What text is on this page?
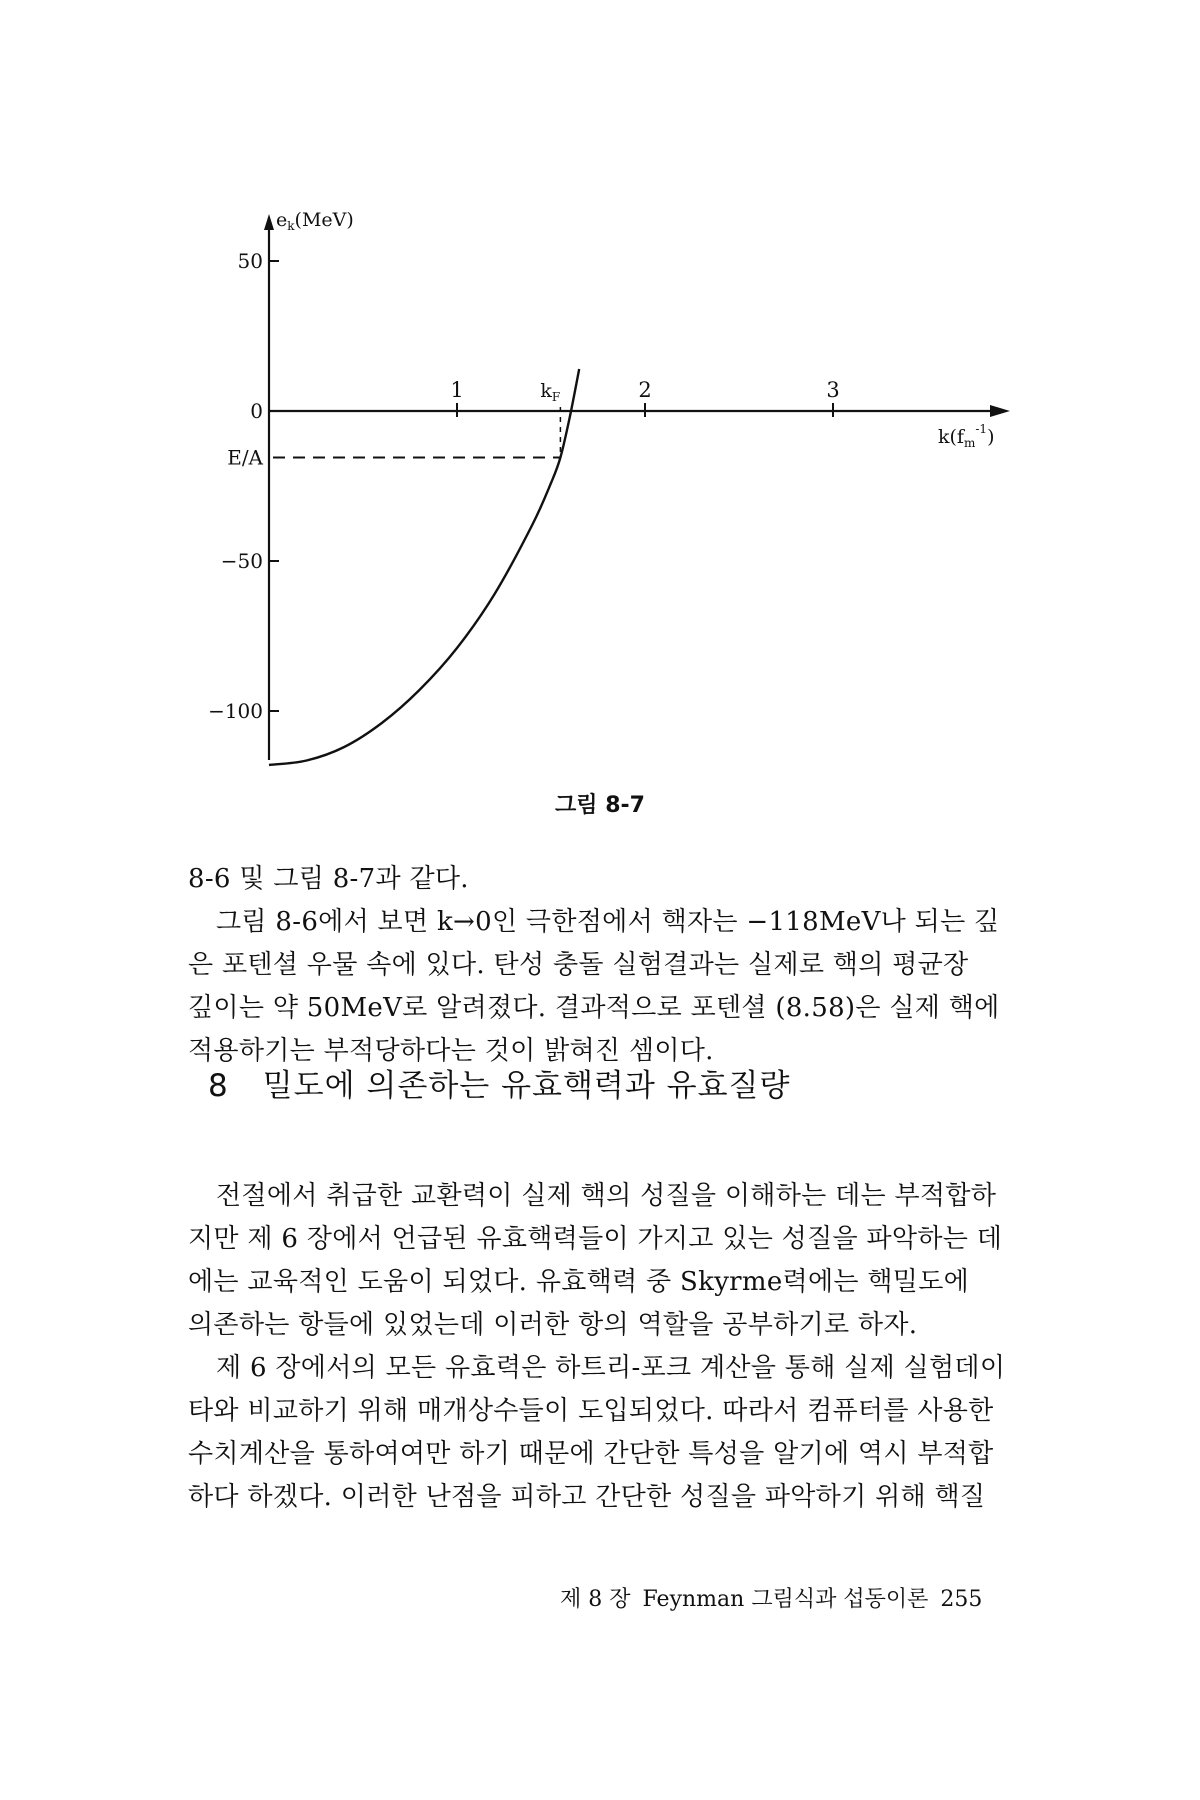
$e_k(MeV)$
$k(f_m^{-1})$
50
0
−50
−100
1	2	3
E/A
$k_F$
그림 8-7

8-6 및 그림 8-7과 같다.

그림 8-6에서 보면 k→0인 극한점에서 핵자는 −118MeV나 되는 깊

은 포텐셜 우물 속에 있다. 탄성 충돌 실험결과는 실제로 핵의 평균장

깊이는 약 50MeV로 알려졌다. 결과적으로 포텐셜 (8.58)은 실제 핵에

적용하기는 부적당하다는 것이 밝혀진 셈이다.

8 밀도에 의존하는 유효핵력과 유효질량

전절에서 취급한 교환력이 실제 핵의 성질을 이해하는 데는 부적합하

지만 제 6 장에서 언급된 유효핵력들이 가지고 있는 성질을 파악하는 데

에는 교육적인 도움이 되었다. 유효핵력 중 Skyrme력에는 핵밀도에

의존하는 항들에 있었는데 이러한 항의 역할을 공부하기로 하자.

제 6 장에서의 모든 유효력은 하트리-포크 계산을 통해 실제 실험데이

타와 비교하기 위해 매개상수들이 도입되었다. 따라서 컴퓨터를 사용한

수치계산을 통하여여만 하기 때문에 간단한 특성을 알기에 역시 부적합

하다 하겠다. 이러한 난점을 피하고 간단한 성질을 파악하기 위해 핵질

제 8 장 Feynman 그림식과 섭동이론 255
